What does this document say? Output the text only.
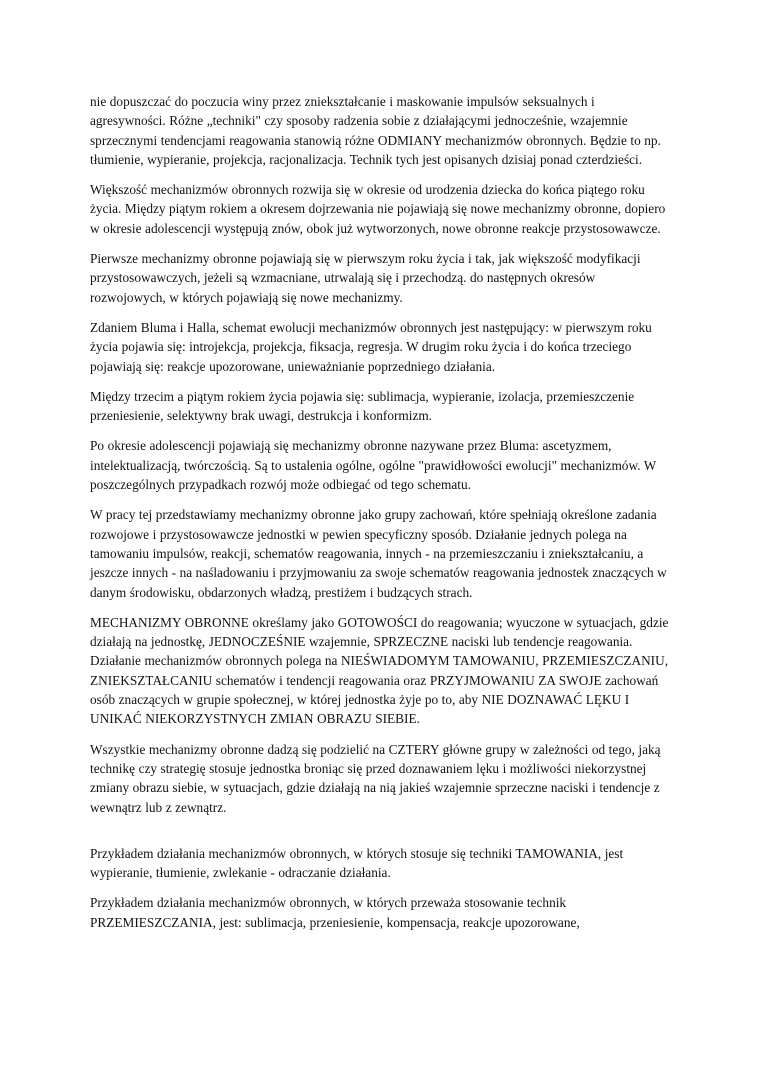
nie dopuszczać do poczucia winy przez zniekształcanie i maskowanie impulsów seksualnych i agresywności. Różne „techniki" czy sposoby radzenia sobie z działającymi jednocześnie, wzajemnie sprzecznymi tendencjami reagowania stanowią różne ODMIANY mechanizmów obronnych. Będzie to np. tłumienie, wypieranie, projekcja, racjonalizacja. Technik tych jest opisanych dzisiaj ponad czterdzieści.

Większość mechanizmów obronnych rozwija się w okresie od urodzenia dziecka do końca piątego roku życia. Między piątym rokiem a okresem dojrzewania nie pojawiają się nowe mechanizmy obronne, dopiero w okresie adolescencji występują znów, obok już wytworzonych, nowe obronne reakcje przystosowawcze.

Pierwsze mechanizmy obronne pojawiają się w pierwszym roku życia i tak, jak większość modyfikacji przystosowawczych, jeżeli są wzmacniane, utrwalają się i przechodzą. do następnych okresów rozwojowych, w których pojawiają się nowe mechanizmy.

Zdaniem Bluma i Halla, schemat ewolucji mechanizmów obronnych jest następujący: w pierwszym roku życia pojawia się: introjekcja, projekcja, fiksacja, regresja. W drugim roku życia i do końca trzeciego pojawiają się: reakcje upozorowane, unieważnianie poprzedniego działania.

Między trzecim a piątym rokiem życia pojawia się: sublimacja, wypieranie, izolacja, przemieszczenie przeniesienie, selektywny brak uwagi, destrukcja i konformizm.

Po okresie adolescencji pojawiają się mechanizmy obronne nazywane przez Bluma: ascetyzmem, intelektualizacją, twórczością. Są to ustalenia ogólne, ogólne "prawidłowości ewolucji" mechanizmów. W poszczególnych przypadkach rozwój może odbiegać od tego schematu.

W pracy tej przedstawiamy mechanizmy obronne jako grupy zachowań, które spełniają określone zadania rozwojowe i przystosowawcze jednostki w pewien specyficzny sposób. Działanie jednych polega na tamowaniu impulsów, reakcji, schematów reagowania, innych - na przemieszczaniu i zniekształcaniu, a jeszcze innych - na naśladowaniu i przyjmowaniu za swoje schematów reagowania jednostek znaczących w danym środowisku, obdarzonych władzą, prestiżem i budzących strach.

MECHANIZMY OBRONNE określamy jako GOTOWOŚCI do reagowania; wyuczone w sytuacjach, gdzie działają na jednostkę, JEDNOCZEŚNIE wzajemnie, SPRZECZNE naciski lub tendencje reagowania. Działanie mechanizmów obronnych polega na NIEŚWIADOMYM TAMOWANIU, PRZEMIESZCZANIU, ZNIEKSZTAŁCANIU schematów i tendencji reagowania oraz PRZYJMOWANIU ZA SWOJE zachowań osób znaczących w grupie społecznej, w której jednostka żyje po to, aby NIE DOZNAWAĆ LĘKU I UNIKAĆ NIEKORZYSTNYCH ZMIAN OBRAZU SIEBIE.

Wszystkie mechanizmy obronne dadzą się podzielić na CZTERY główne grupy w zależności od tego, jaką technikę czy strategię stosuje jednostka broniąc się przed doznawaniem lęku i możliwości niekorzystnej zmiany obrazu siebie, w sytuacjach, gdzie działają na nią jakieś wzajemnie sprzeczne naciski i tendencje z wewnątrz lub z zewnątrz.

Przykładem działania mechanizmów obronnych, w których stosuje się techniki TAMOWANIA, jest wypieranie, tłumienie, zwlekanie - odraczanie działania.

Przykładem działania mechanizmów obronnych, w których przeważa stosowanie technik PRZEMIESZCZANIA, jest: sublimacja, przeniesienie, kompensacja, reakcje upozorowane,
